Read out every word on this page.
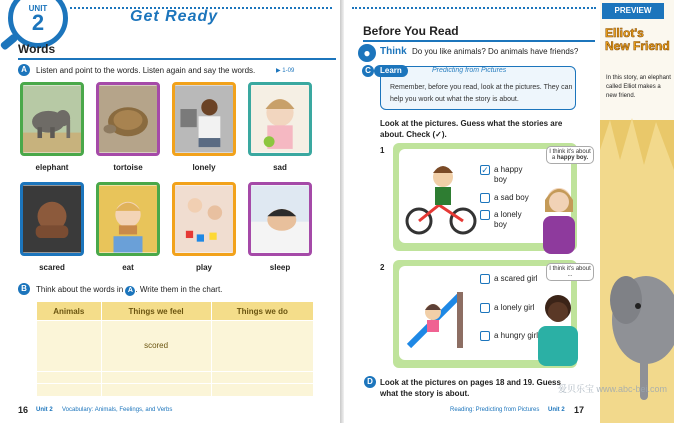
UNIT
2	Get Ready
Words
A	Listen and point to the words. Listen again and say the words.	▶ 1-09
elephant	tortoise	lonely	sad
scared	eat	play	sleep
B	Think about the words in A . Write them in the chart.
Animals	Things we feel	Things we do
	scored	

16 Unit 2 Vocabulary: Animals, Feelings, and Verbs
Before You Read
● Think Do you like animals? Do animals have friends?
C	Learn	Predicting from Pictures
Remember, before you read, look at the pictures. They can help you work out what the story is about.
Look at the pictures. Guess what the stories are about. Check (✓).
1
✓ a happy boy
a sad boy
a lonely boy
I think it's about a happy boy.
2
a scared girl
a lonely girl
a hungry girl
I think it's about ...
D Look at the pictures on pages 18 and 19. Guess what the story is about.
Reading: Predicting from Pictures Unit 2 17
PREVIEW
Elliot's New Friend
In this story, an elephant called Elliot makes a new friend.
爱贝乐宝 www.abc-bei.com
